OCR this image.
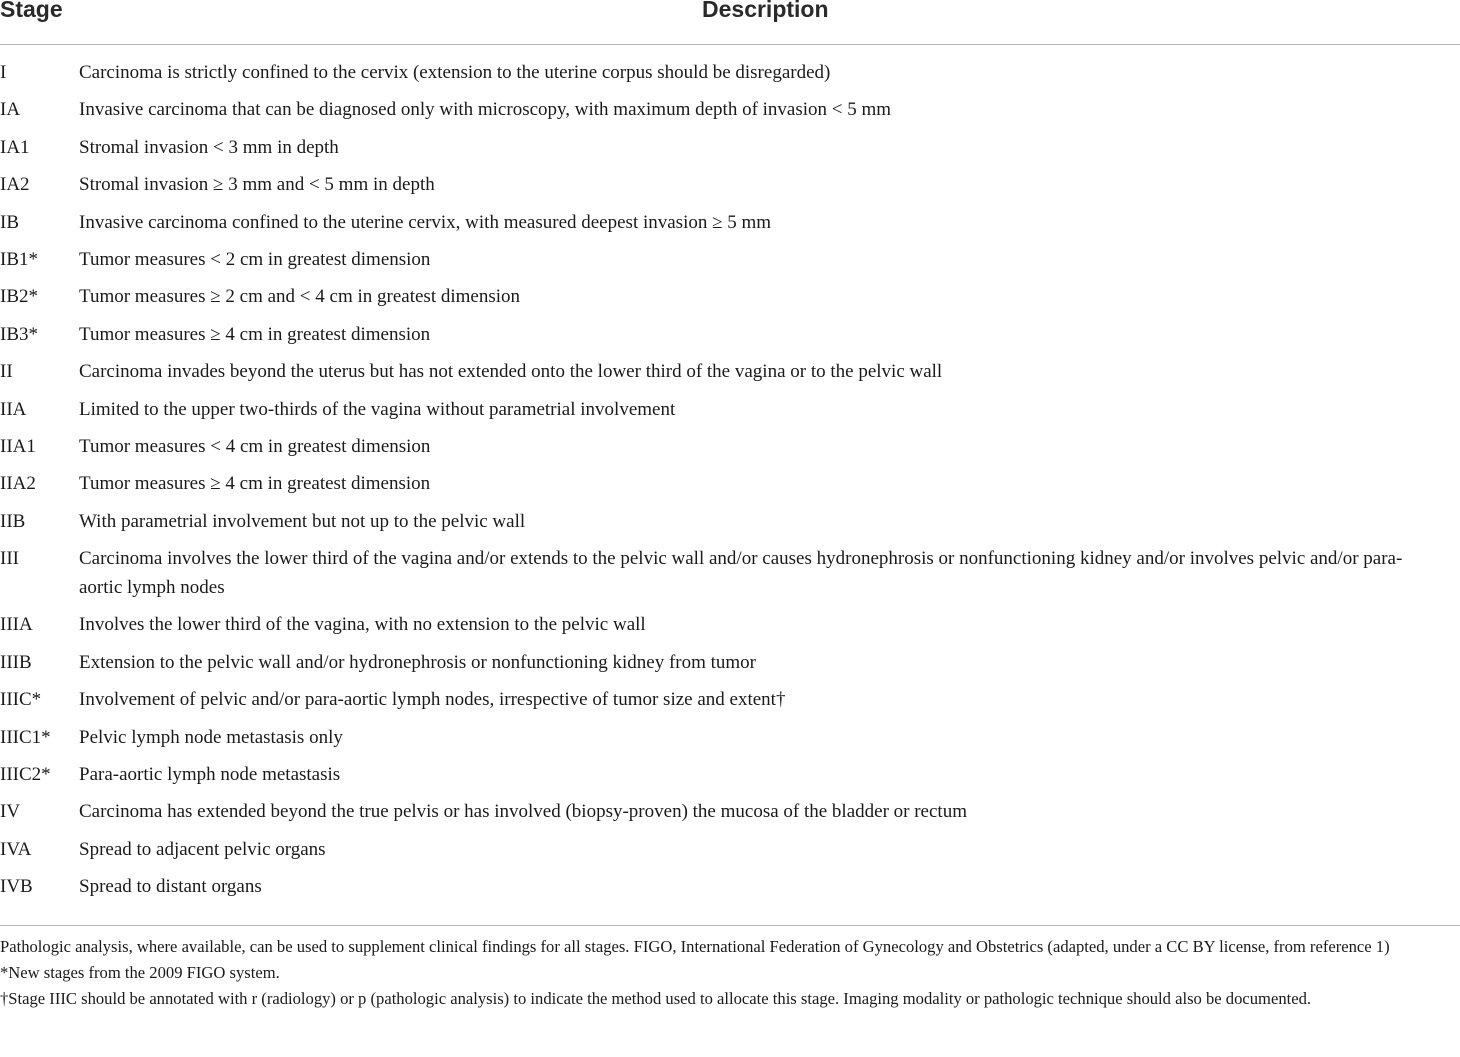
Stage	Description
I	Carcinoma is strictly confined to the cervix (extension to the uterine corpus should be disregarded)
IA	Invasive carcinoma that can be diagnosed only with microscopy, with maximum depth of invasion < 5 mm
IA1	Stromal invasion < 3 mm in depth
IA2	Stromal invasion ≥ 3 mm and < 5 mm in depth
IB	Invasive carcinoma confined to the uterine cervix, with measured deepest invasion ≥ 5 mm
IB1*	Tumor measures < 2 cm in greatest dimension
IB2*	Tumor measures ≥ 2 cm and < 4 cm in greatest dimension
IB3*	Tumor measures ≥ 4 cm in greatest dimension
II	Carcinoma invades beyond the uterus but has not extended onto the lower third of the vagina or to the pelvic wall
IIA	Limited to the upper two-thirds of the vagina without parametrial involvement
IIA1	Tumor measures < 4 cm in greatest dimension
IIA2	Tumor measures ≥ 4 cm in greatest dimension
IIB	With parametrial involvement but not up to the pelvic wall
III	Carcinoma involves the lower third of the vagina and/or extends to the pelvic wall and/or causes hydronephrosis or nonfunctioning kidney and/or involves pelvic and/or para-aortic lymph nodes
IIIA	Involves the lower third of the vagina, with no extension to the pelvic wall
IIIB	Extension to the pelvic wall and/or hydronephrosis or nonfunctioning kidney from tumor
IIIC*	Involvement of pelvic and/or para-aortic lymph nodes, irrespective of tumor size and extent†
IIIC1*	Pelvic lymph node metastasis only
IIIC2*	Para-aortic lymph node metastasis
IV	Carcinoma has extended beyond the true pelvis or has involved (biopsy-proven) the mucosa of the bladder or rectum
IVA	Spread to adjacent pelvic organs
IVB	Spread to distant organs

Pathologic analysis, where available, can be used to supplement clinical findings for all stages. FIGO, International Federation of Gynecology and Obstetrics (adapted, under a CC BY license, from reference 1)

*New stages from the 2009 FIGO system.

†Stage IIIC should be annotated with r (radiology) or p (pathologic analysis) to indicate the method used to allocate this stage. Imaging modality or pathologic technique should also be documented.
